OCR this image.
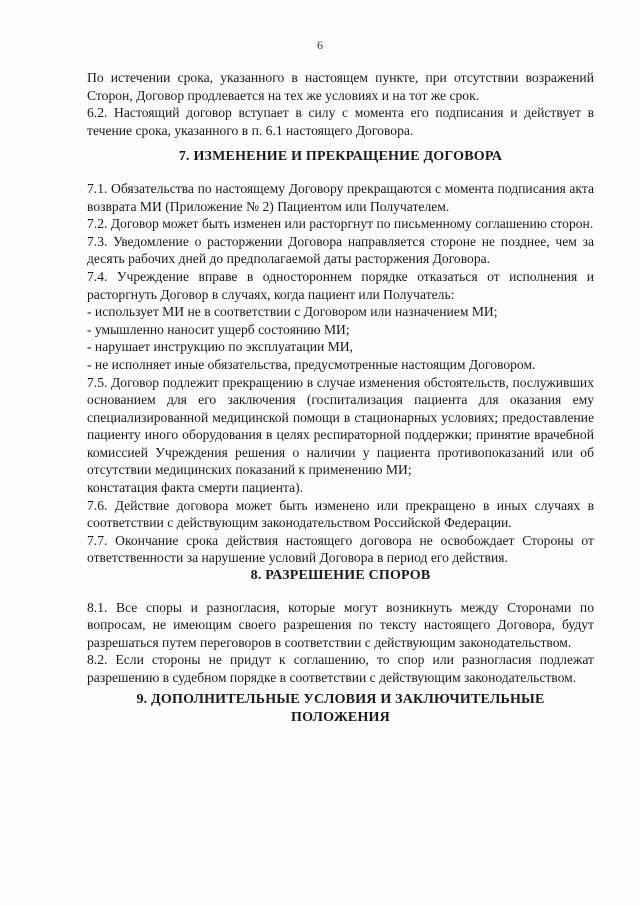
6

По истечении срока, указанного в настоящем пункте, при отсутствии возражений Сторон, Договор продлевается на тех же условиях и на тот же срок.

6.2. Настоящий договор вступает в силу с момента его подписания и действует в течение срока, указанного в п. 6.1 настоящего Договора.

7. ИЗМЕНЕНИЕ И ПРЕКРАЩЕНИЕ ДОГОВОРА

7.1. Обязательства по настоящему Договору прекращаются с момента подписания акта возврата МИ (Приложение № 2) Пациентом или Получателем.

7.2. Договор может быть изменен или расторгнут по письменному соглашению сторон.

7.3. Уведомление о расторжении Договора направляется стороне не позднее, чем за десять рабочих дней до предполагаемой даты расторжения Договора.

7.4. Учреждение вправе в одностороннем порядке отказаться от исполнения и расторгнуть Договор в случаях, когда пациент или Получатель:

- использует МИ не в соответствии с Договором или назначением МИ;

- умышленно наносит ущерб состоянию МИ;

- нарушает инструкцию по эксплуатации МИ,

- не исполняет иные обязательства, предусмотренные настоящим Договором.

7.5. Договор подлежит прекращению в случае изменения обстоятельств, послуживших основанием для его заключения (госпитализация пациента для оказания ему специализированной медицинской помощи в стационарных условиях; предоставление пациенту иного оборудования в целях респираторной поддержки; принятие врачебной комиссией Учреждения решения о наличии у пациента противопоказаний или об отсутствии медицинских показаний к применению МИ;

констатация факта смерти пациента).

7.6. Действие договора может быть изменено или прекращено в иных случаях в соответствии с действующим законодательством Российской Федерации.

7.7. Окончание срока действия настоящего договора не освобождает Стороны от ответственности за нарушение условий Договора в период его действия.

8. РАЗРЕШЕНИЕ СПОРОВ

8.1. Все споры и разногласия, которые могут возникнуть между Сторонами по вопросам, не имеющим своего разрешения по тексту настоящего Договора, будут разрешаться путем переговоров в соответствии с действующим законодательством.

8.2. Если стороны не придут к соглашению, то спор или разногласия подлежат разрешению в судебном порядке в соответствии с действующим законодательством.

9. ДОПОЛНИТЕЛЬНЫЕ УСЛОВИЯ И ЗАКЛЮЧИТЕЛЬНЫЕ
ПОЛОЖЕНИЯ
